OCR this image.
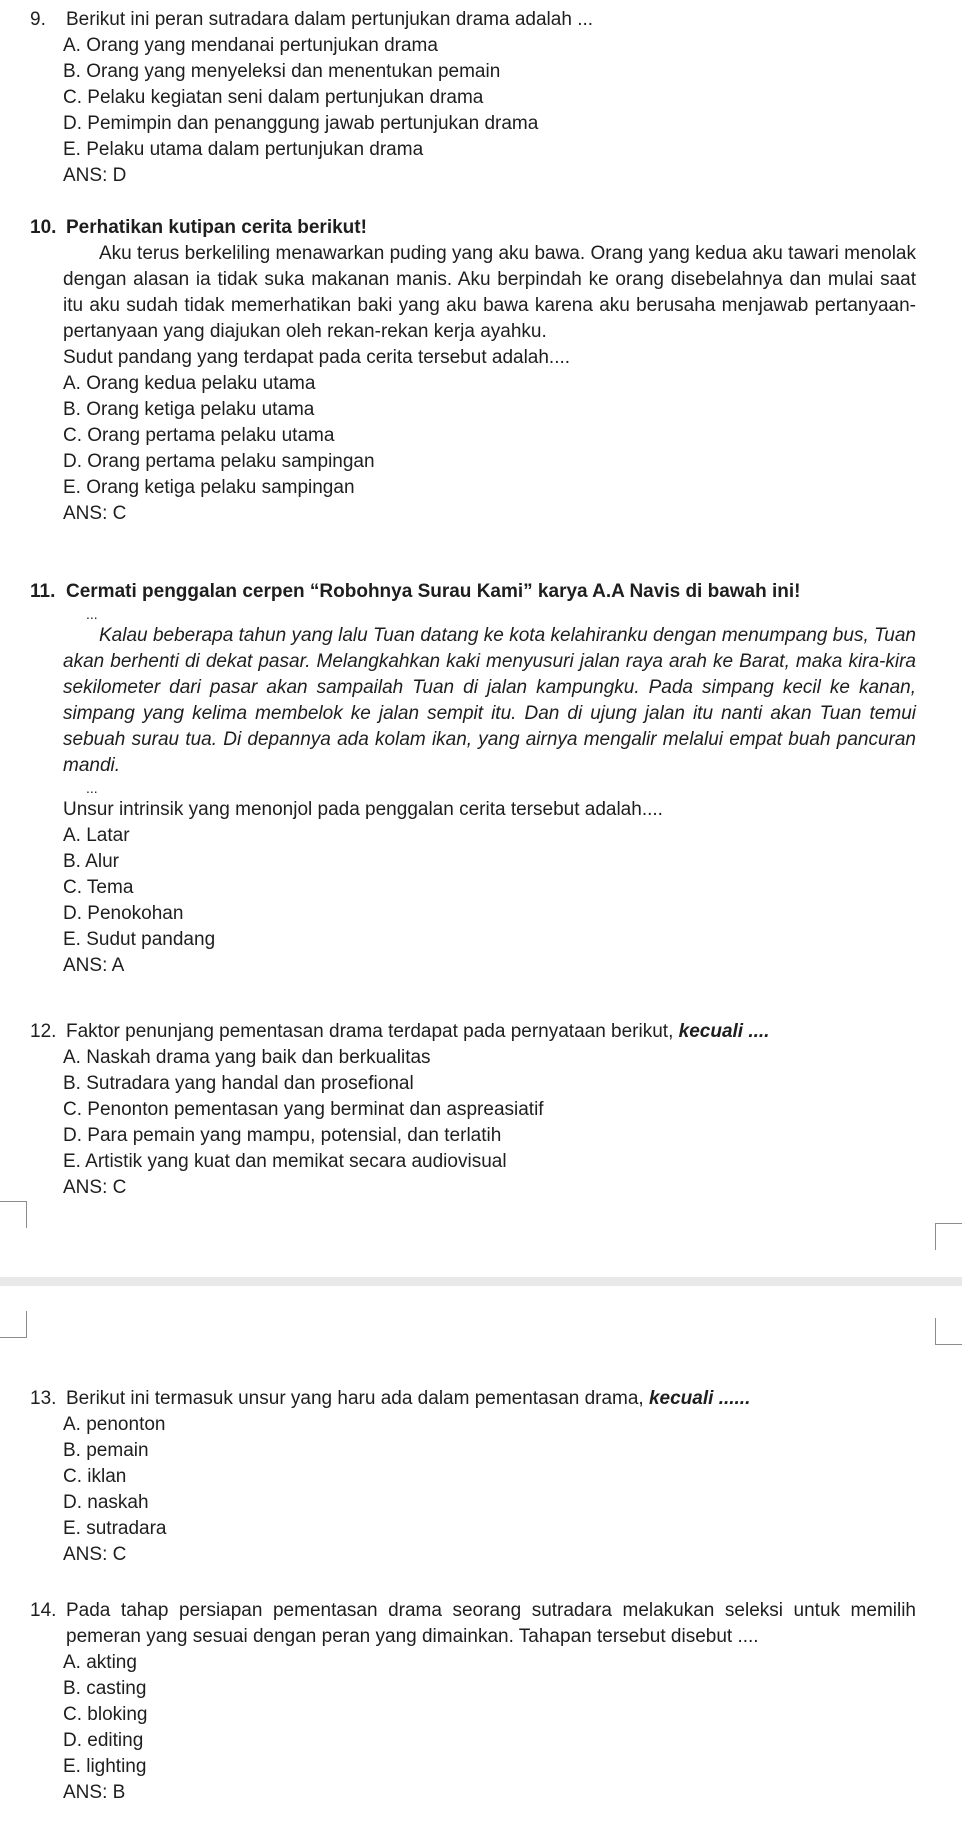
9. Berikut ini peran sutradara dalam pertunjukan drama adalah ...

A. Orang yang mendanai pertunjukan drama

B. Orang yang menyeleksi dan menentukan pemain

C. Pelaku kegiatan seni dalam pertunjukan drama

D. Pemimpin dan penanggung jawab pertunjukan drama

E. Pelaku utama dalam pertunjukan drama

ANS: D

10. Perhatikan kutipan cerita berikut!

Aku terus berkeliling menawarkan puding yang aku bawa. Orang yang kedua aku tawari menolak dengan alasan ia tidak suka makanan manis. Aku berpindah ke orang disebelahnya dan mulai saat itu aku sudah tidak memerhatikan baki yang aku bawa karena aku berusaha menjawab pertanyaan-pertanyaan yang diajukan oleh rekan-rekan kerja ayahku.

Sudut pandang yang terdapat pada cerita tersebut adalah....

A. Orang kedua pelaku utama

B. Orang ketiga pelaku utama

C. Orang pertama pelaku utama

D. Orang pertama pelaku sampingan

E. Orang ketiga pelaku sampingan

ANS: C

11. Cermati penggalan cerpen “Robohnya Surau Kami” karya A.A Navis di bawah ini!

...

Kalau beberapa tahun yang lalu Tuan datang ke kota kelahiranku dengan menumpang bus, Tuan akan berhenti di dekat pasar. Melangkahkan kaki menyusuri jalan raya arah ke Barat, maka kira-kira sekilometer dari pasar akan sampailah Tuan di jalan kampungku. Pada simpang kecil ke kanan, simpang yang kelima membelok ke jalan sempit itu. Dan di ujung jalan itu nanti akan Tuan temui sebuah surau tua. Di depannya ada kolam ikan, yang airnya mengalir melalui empat buah pancuran mandi.

...

Unsur intrinsik yang menonjol pada penggalan cerita tersebut adalah....

A. Latar

B. Alur

C. Tema

D. Penokohan

E. Sudut pandang

ANS: A

12. Faktor penunjang pementasan drama terdapat pada pernyataan berikut, kecuali ....

A. Naskah drama yang baik dan berkualitas

B. Sutradara yang handal dan prosefional

C. Penonton pementasan yang berminat dan aspreasiatif

D. Para pemain yang mampu, potensial, dan terlatih

E. Artistik yang kuat dan memikat secara audiovisual

ANS: C

13. Berikut ini termasuk unsur yang haru ada dalam pementasan drama, kecuali ......

A. penonton

B. pemain

C. iklan

D. naskah

E. sutradara

ANS: C

14. Pada tahap persiapan pementasan drama seorang sutradara melakukan seleksi untuk memilih pemeran yang sesuai dengan peran yang dimainkan. Tahapan tersebut disebut ....

A. akting

B. casting

C. bloking

D. editing

E. lighting

ANS: B
